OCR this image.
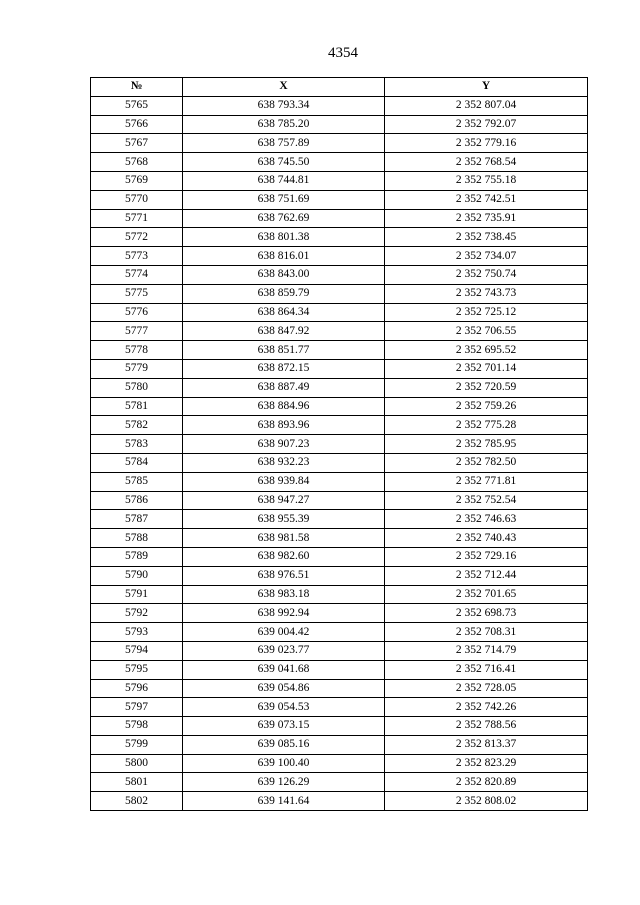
4354
№	X	Y
5765	638 793.34	2 352 807.04
5766	638 785.20	2 352 792.07
5767	638 757.89	2 352 779.16
5768	638 745.50	2 352 768.54
5769	638 744.81	2 352 755.18
5770	638 751.69	2 352 742.51
5771	638 762.69	2 352 735.91
5772	638 801.38	2 352 738.45
5773	638 816.01	2 352 734.07
5774	638 843.00	2 352 750.74
5775	638 859.79	2 352 743.73
5776	638 864.34	2 352 725.12
5777	638 847.92	2 352 706.55
5778	638 851.77	2 352 695.52
5779	638 872.15	2 352 701.14
5780	638 887.49	2 352 720.59
5781	638 884.96	2 352 759.26
5782	638 893.96	2 352 775.28
5783	638 907.23	2 352 785.95
5784	638 932.23	2 352 782.50
5785	638 939.84	2 352 771.81
5786	638 947.27	2 352 752.54
5787	638 955.39	2 352 746.63
5788	638 981.58	2 352 740.43
5789	638 982.60	2 352 729.16
5790	638 976.51	2 352 712.44
5791	638 983.18	2 352 701.65
5792	638 992.94	2 352 698.73
5793	639 004.42	2 352 708.31
5794	639 023.77	2 352 714.79
5795	639 041.68	2 352 716.41
5796	639 054.86	2 352 728.05
5797	639 054.53	2 352 742.26
5798	639 073.15	2 352 788.56
5799	639 085.16	2 352 813.37
5800	639 100.40	2 352 823.29
5801	639 126.29	2 352 820.89
5802	639 141.64	2 352 808.02
